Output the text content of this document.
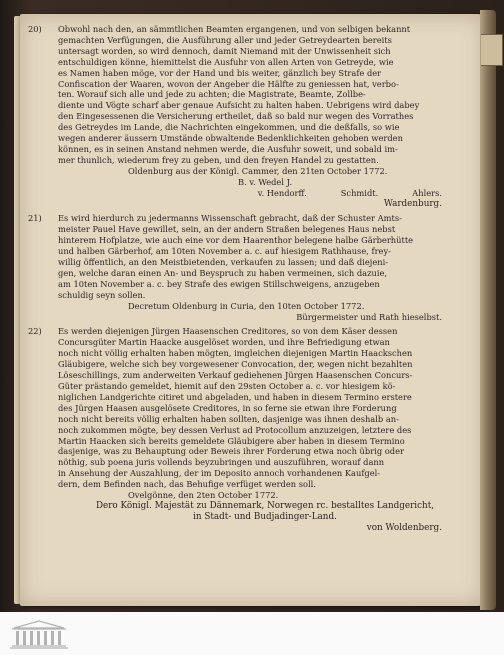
20)	Obwohl nach den, an sämmtlichen Beamten ergangenen, und von selbigen bekannt
gemachten Verfügungen, die Ausführung aller und jeder Getreydearten bereits
untersagt worden, so wird dennoch, damit Niemand mit der Unwissenheit sich
entschuldigen könne, hiemittelst die Ausfuhr von allen Arten von Getreyde, wie
es Namen haben möge, vor der Hand und bis weiter, gänzlich bey Strafe der
Confiscation der Waaren, wovon der Angeber die Hälfte zu geniessen hat, verbo-
ten. Worauf sich alle und jede zu achten; die Magistrate, Beamte, Zollbe-
diente und Vögte scharf aber genaue Aufsicht zu halten haben. Uebrigens wird dabey
den Eingesessenen die Versicherung ertheilet, daß so bald nur wegen des Vorrathes
des Getreydes im Lande, die Nachrichten eingekommen, und die deßfalls, so wie
wegen anderer äussern Umstände obwaltende Bedenklichkeiten gehoben werden
können, es in seinen Anstand nehmen werde, die Ausfuhr soweit, und sobald im-
mer thunlich, wiederum frey zu geben, und den freyen Handel zu gestatten.
Oldenburg aus der Königl. Cammer, den 21ten October 1772.
B. v. Wedel J.
v. Hendorff.	Schmidt.	Ahlers.
Wardenburg.
21)	Es wird hierdurch zu jedermanns Wissenschaft gebracht, daß der Schuster Amts-
meister Pauel Have gewillet, sein, an der andern Straßen belegenes Haus nebst
hinterem Hofplatze, wie auch eine vor dem Haarenthor belegene halbe Gärberhütte
und halben Gärberhof, am 10ten November a. c. auf hiesigem Rathhause, frey-
willig öffentlich, an den Meistbietenden, verkaufen zu lassen; und daß diejeni-
gen, welche daran einen An- und Beyspruch zu haben vermeinen, sich dazuie,
am 10ten November a. c. bey Strafe des ewigen Stillschweigens, anzugeben
schuldig seyn sollen.
Decretum Oldenburg in Curia, den 10ten October 1772.
Bürgermeister und Rath hieselbst.
22)	Es werden diejenigen Jürgen Haasenschen Creditores, so von dem Käser dessen
Concursgüter Martin Haacke ausgelöset worden, und ihre Befriedigung etwan
noch nicht völlig erhalten haben mögten, imgleichen diejenigen Martin Haackschen
Gläubigere, welche sich bey vorgewesener Convocation, der, wegen nicht bezahlten
Löseschillings, zum anderweiten Verkauf gediehenen Jürgen Haasenschen Concurs-
Güter prästando gemeldet, hiemit auf den 29sten October a. c. vor hiesigem kö-
niglichen Landgerichte citiret und abgeladen, und haben in diesem Termino erstere
des Jürgen Haasen ausgelösete Creditores, in so ferne sie etwan ihre Forderung
noch nicht bereits völlig erhalten haben sollten, dasjenige was ihnen deshalb an-
noch zukommen mögte, bey dessen Verlust ad Protocollum anzuzeigen, letztere des
Martin Haacken sich bereits gemeldete Gläubigere aber haben in diesem Termino
dasjenige, was zu Behauptung oder Beweis ihrer Forderung etwa noch übrig oder
nöthig, sub poena juris vollends beyzubringen und auszuführen, worauf dann
in Ansehung der Auszahlung, der im Deposito annoch vorhandenen Kaufgel-
dern, dem Befinden nach, das Behufige verfüget werden soll.
Ovelgönne, den 2ten October 1772.
Dero Königl. Majestät zu Dännemark, Norwegen rc. bestalltes Landgericht,
in Stadt- und Budjadinger-Land.
von Woldenberg.
